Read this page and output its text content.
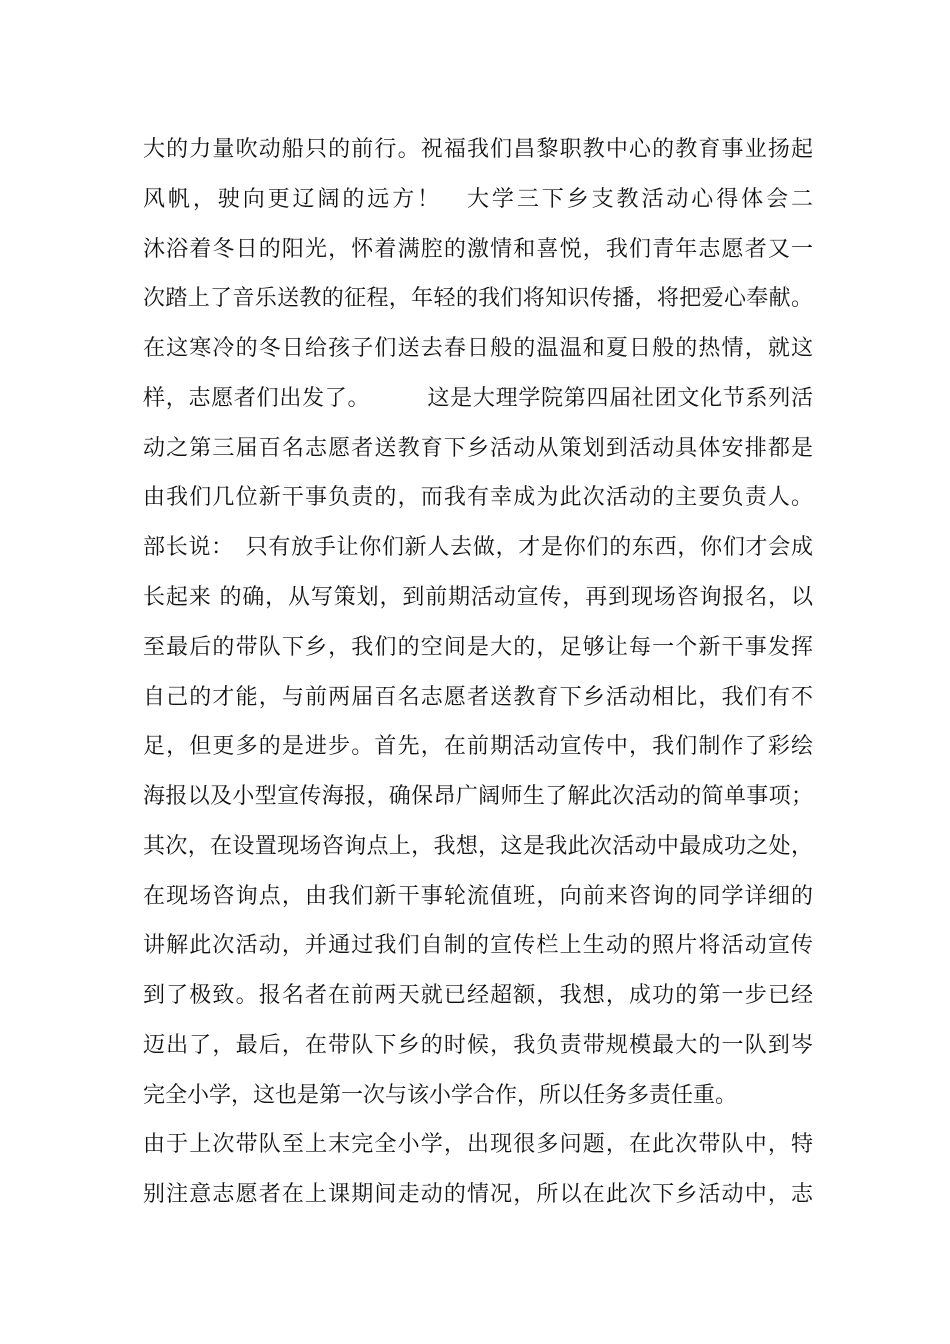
大的力量吹动船只的前行。祝福我们昌黎职教中心的教育事业扬起
风帆，驶向更辽阔的远方！　大学三下乡支教活动心得体会二
沐浴着冬日的阳光，怀着满腔的激情和喜悦，我们青年志愿者又一
次踏上了音乐送教的征程，年轻的我们将知识传播，将把爱心奉献。
在这寒冷的冬日给孩子们送去春日般的温温和夏日般的热情，就这
样，志愿者们出发了。　　　这是大理学院第四届社团文化节系列活
动之第三届百名志愿者送教育下乡活动从策划到活动具体安排都是
由我们几位新干事负责的，而我有幸成为此次活动的主要负责人。
部长说：　只有放手让你们新人去做，才是你们的东西，你们才会成
长起来 的确，从写策划，到前期活动宣传，再到现场咨询报名，以
至最后的带队下乡，我们的空间是大的，足够让每一个新干事发挥
自己的才能，与前两届百名志愿者送教育下乡活动相比，我们有不
足，但更多的是进步。首先，在前期活动宣传中，我们制作了彩绘
海报以及小型宣传海报，确保昂广阔师生了解此次活动的简单事项；
其次，在设置现场咨询点上，我想，这是我此次活动中最成功之处，
在现场咨询点，由我们新干事轮流值班，向前来咨询的同学详细的
讲解此次活动，并通过我们自制的宣传栏上生动的照片将活动宣传
到了极致。报名者在前两天就已经超额，我想，成功的第一步已经
迈出了，最后，在带队下乡的时候，我负责带规模最大的一队到岑
完全小学，这也是第一次与该小学合作，所以任务多责任重。
由于上次带队至上末完全小学，出现很多问题，在此次带队中，特
别注意志愿者在上课期间走动的情况，所以在此次下乡活动中，志
